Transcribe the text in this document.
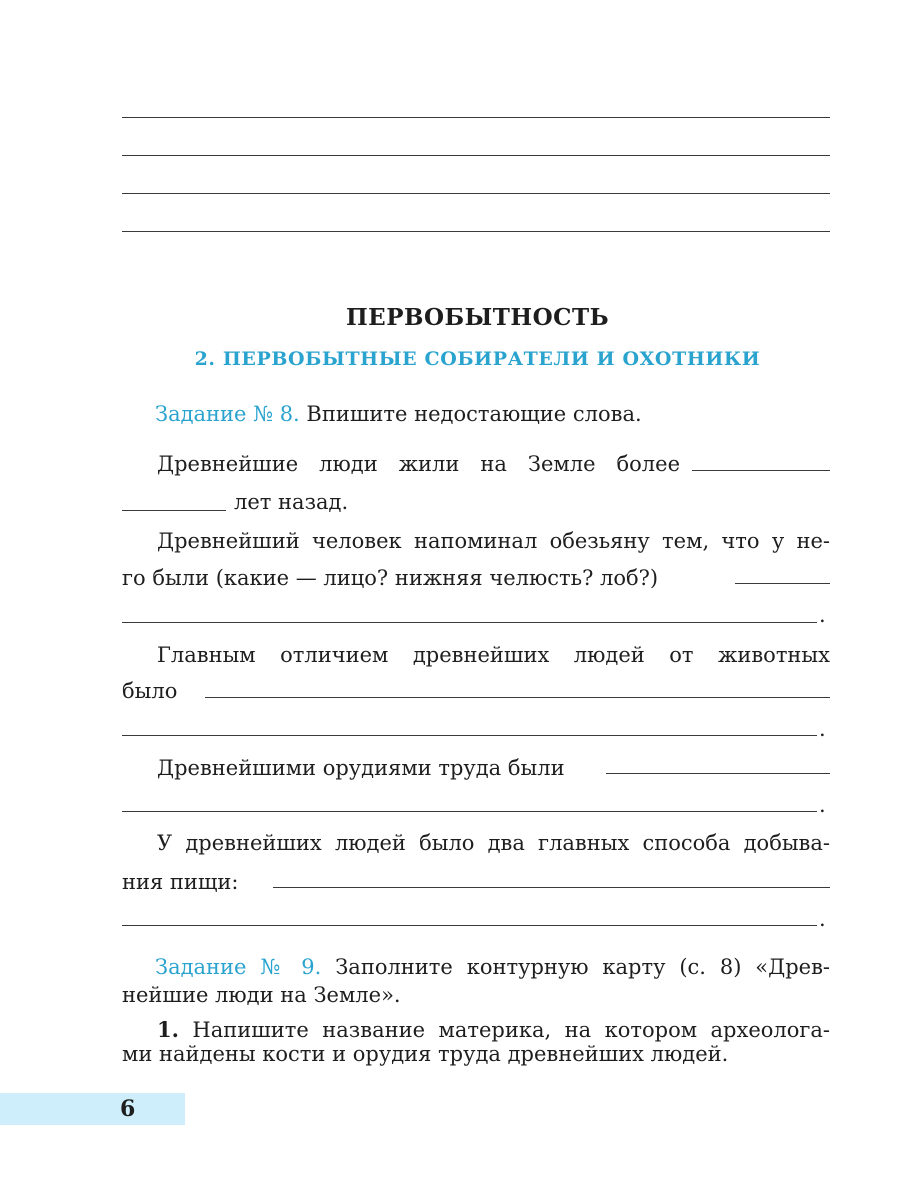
ПЕРВОБЫТНОСТЬ
2. ПЕРВОБЫТНЫЕ СОБИРАТЕЛИ И ОХОТНИКИ
Задание № 8. Впишите недостающие слова.
Древнейшие люди жили на Земле более
лет назад.
Древнейший человек напоминал обезьяну тем, что у не-
го были (какие — лицо? нижняя челюсть? лоб?)
.
Главным отличием древнейших людей от животных
было
.
Древнейшими орудиями труда были
.
У древнейших людей было два главных способа добыва-
ния пищи:
.
Задание № 9. Заполните контурную карту (с. 8) «Древ-
нейшие люди на Земле».
1. Напишите название материка, на котором археолога-
ми найдены кости и орудия труда древнейших людей.
6
